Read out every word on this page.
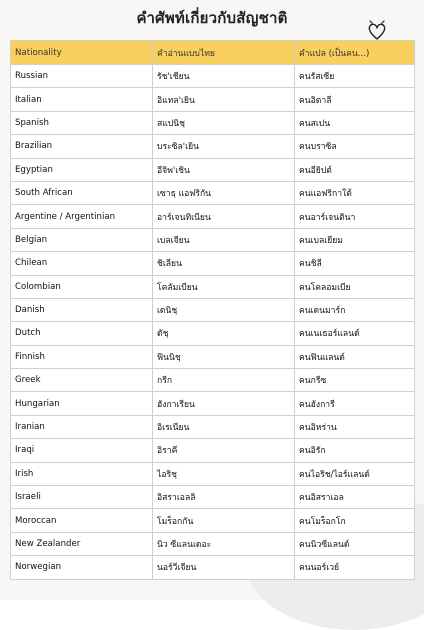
คำศัพท์เกี่ยวกับสัญชาติ
Nationality	คำอ่านแบบไทย	คำแปล (เป็นคน...)
Russian	รัช'เชียน	คนรัสเซีย
Italian	อิแทล'เยิน	คนอิตาลี
Spanish	สแปนิชฺ	คนสเปน
Brazilian	บระซิล'เยิน	คนบราซิล
Egyptian	อีจิพ'เชิน	คนอียิปต์
South African	เซาธฺ แอฟริกัน	คนแอฟริกาใต้
Argentine / Argentinian	อาร์เจนทิเนียน	คนอาร์เจนตินา
Belgian	เบลเจียน	คนเบลเยียม
Chilean	ชิเลียน	คนชิลี
Colombian	โคลัมเบียน	คนโคลอมเบีย
Danish	เดนิชฺ	คนเดนมาร์ก
Dutch	ดัชฺ	คนเนเธอร์แลนด์
Finnish	ฟินนิชฺ	คนฟินแลนด์
Greek	กรีก	คนกรีซ
Hungarian	ฮังกาเรียน	คนฮังการี
Iranian	อิเรเนียน	คนอิหร่าน
Iraqi	อิราคี	คนอิรัก
Irish	ไอริชฺ	คนไอริช/ไอร์แลนด์
Israeli	อิสราเอลลิ	คนอิสราเอล
Moroccan	โมร็อกกัน	คนโมร็อกโก
New Zealander	นิว ซีแลนเดอะ	คนนิวซีแลนด์
Norwegian	นอร์วีเจียน	คนนอร์เวย์
